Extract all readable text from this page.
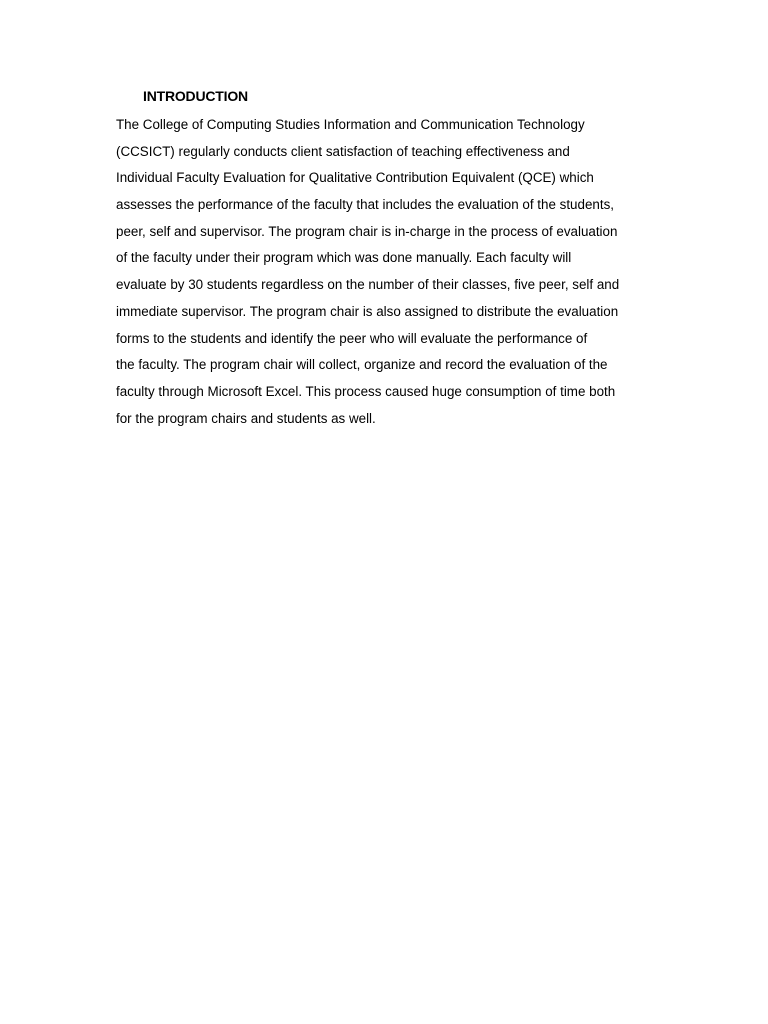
INTRODUCTION
The College of Computing Studies Information and Communication Technology
(CCSICT) regularly conducts client satisfaction of teaching effectiveness and
Individual Faculty Evaluation for Qualitative Contribution Equivalent (QCE) which
assesses the performance of the faculty that includes the evaluation of the students,
peer, self and supervisor. The program chair is in-charge in the process of evaluation
of the faculty under their program which was done manually. Each faculty will
evaluate by 30 students regardless on the number of their classes, five peer, self and
immediate supervisor. The program chair is also assigned to distribute the evaluation
forms to the students and identify the peer who will evaluate the performance of
the faculty. The program chair will collect, organize and record the evaluation of the
faculty through Microsoft Excel. This process caused huge consumption of time both
for the program chairs and students as well.
